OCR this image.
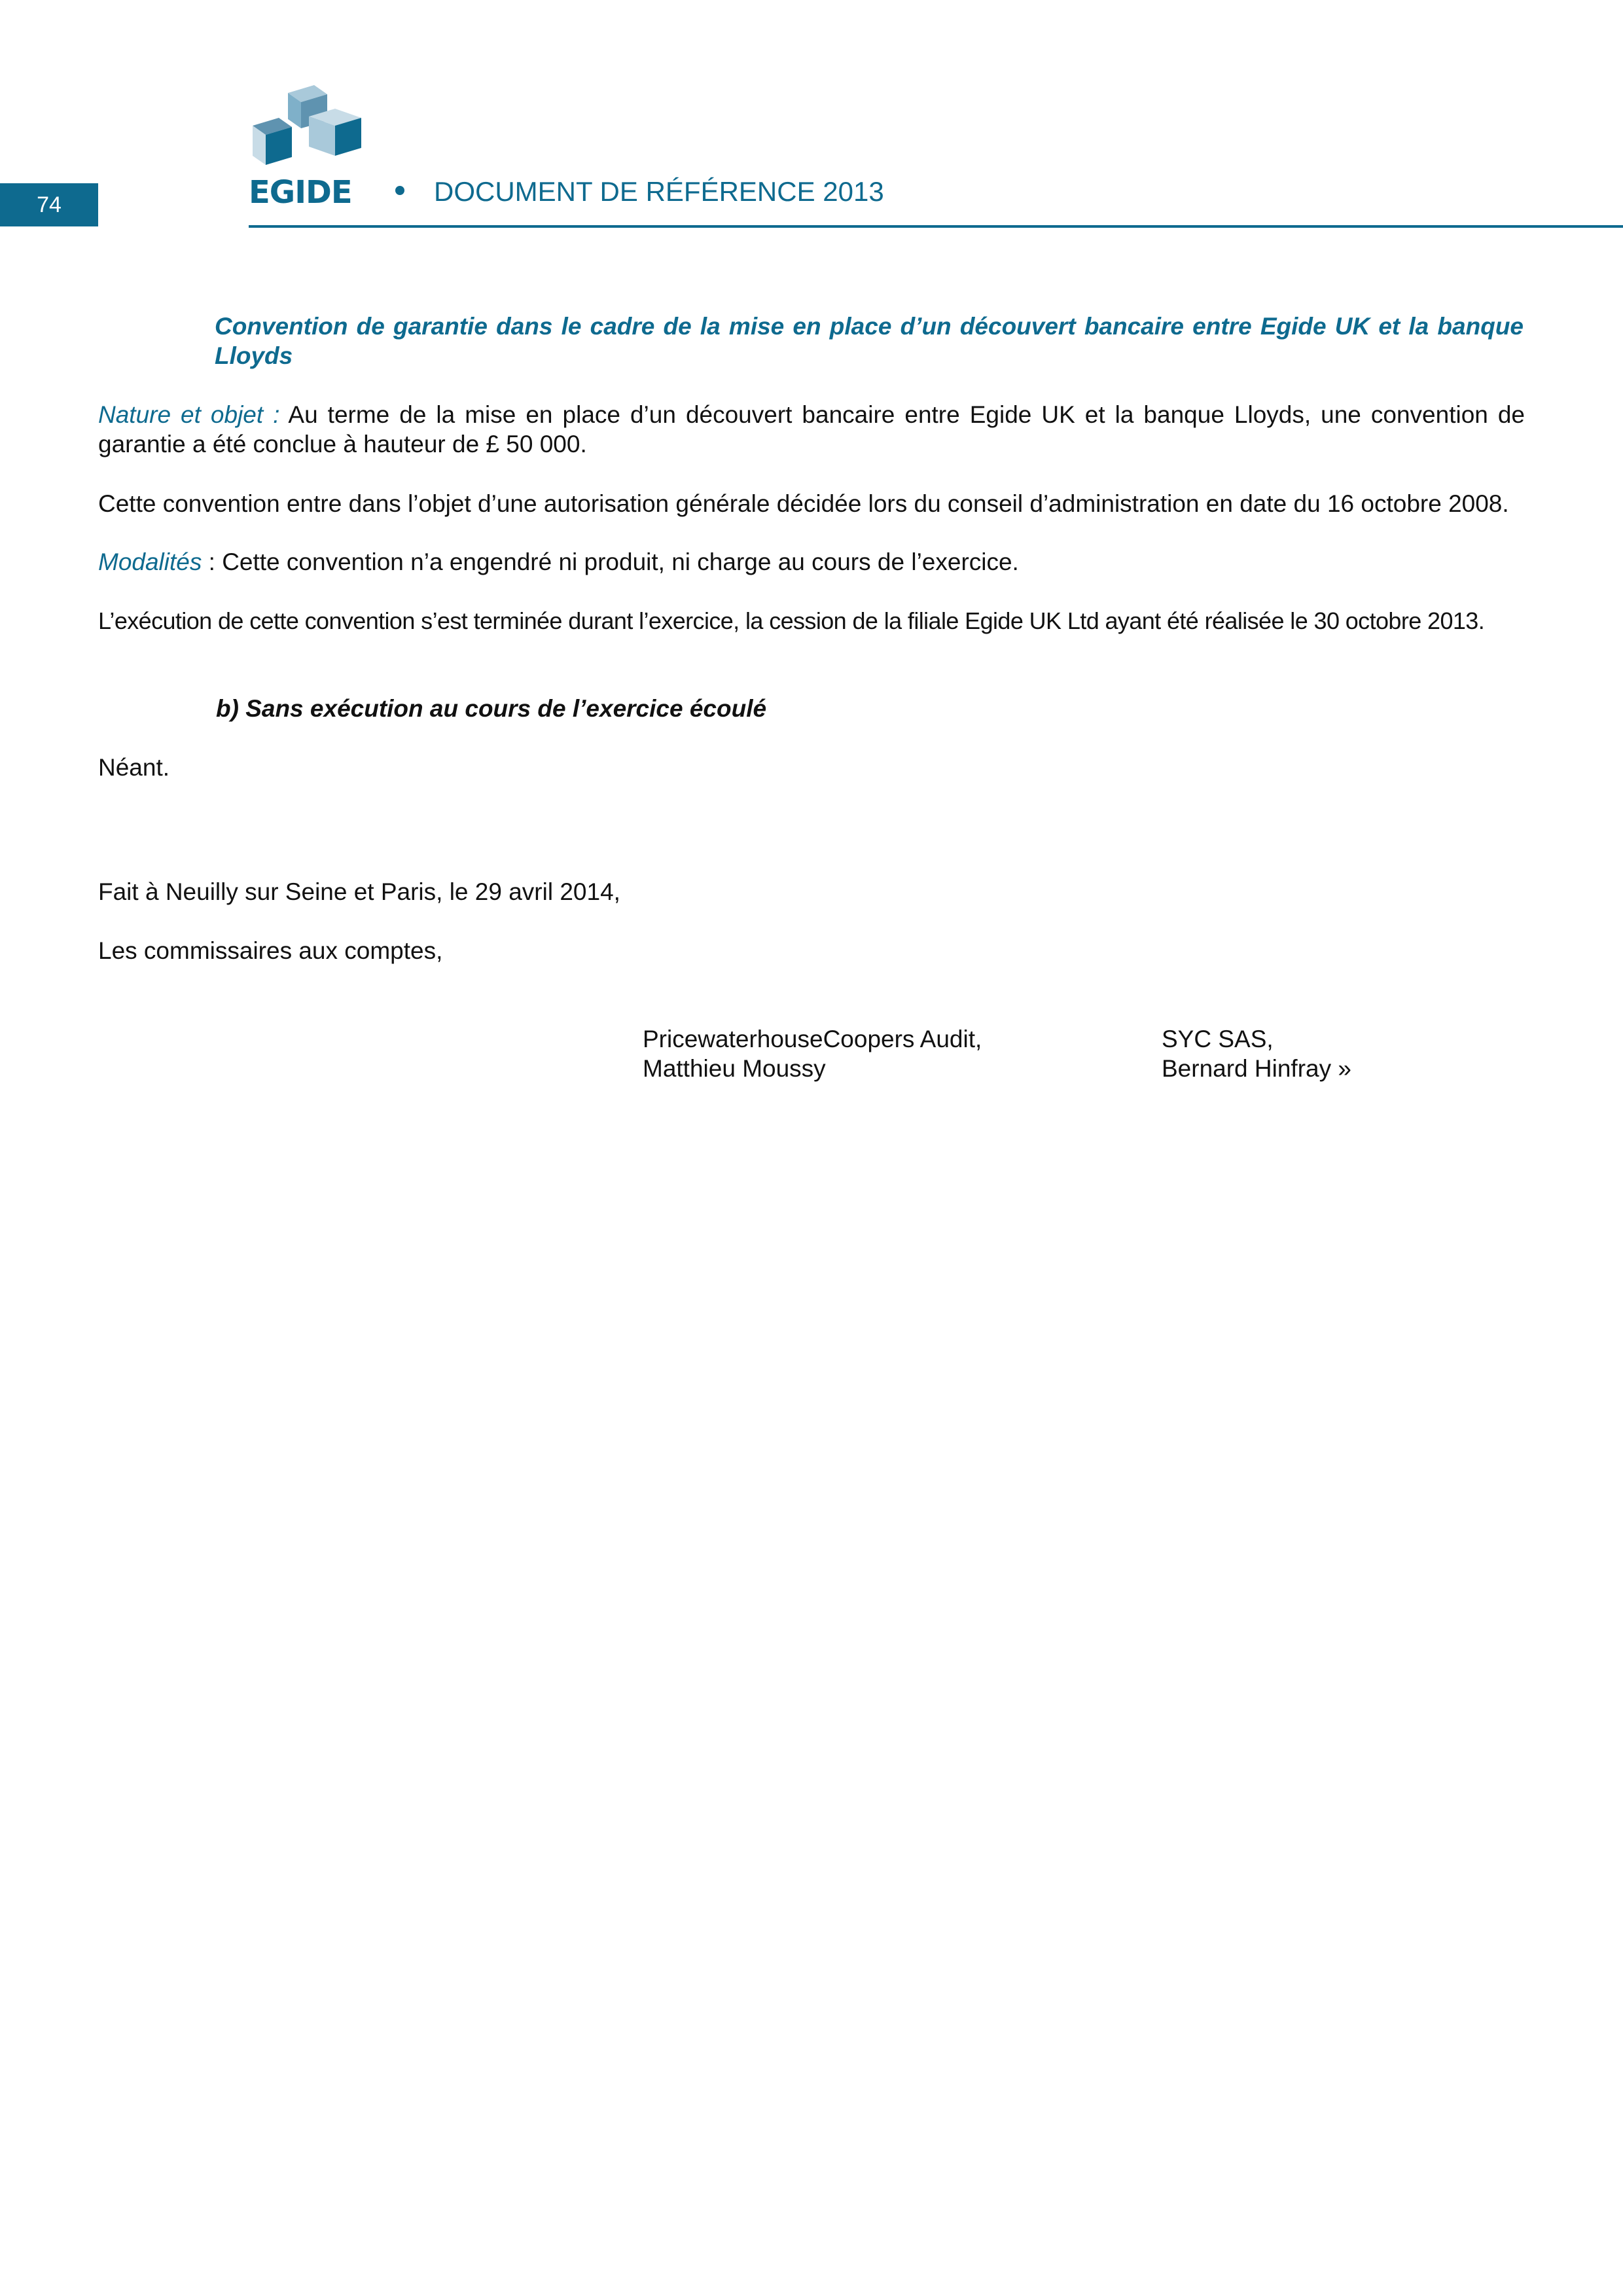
74	EGIDE	DOCUMENT DE RÉFÉRENCE 2013
Convention de garantie dans le cadre de la mise en place d’un découvert bancaire entre Egide UK et la banque Lloyds
Nature et objet : Au terme de la mise en place d’un découvert bancaire entre Egide UK et la banque Lloyds, une convention de garantie a été conclue à hauteur de £ 50 000.
Cette convention entre dans l’objet d’une autorisation générale décidée lors du conseil d’administration en date du 16 octobre 2008.
Modalités : Cette convention n’a engendré ni produit, ni charge au cours de l’exercice.
L’exécution de cette convention s’est terminée durant l’exercice, la cession de la filiale Egide UK Ltd ayant été réalisée le 30 octobre 2013.
b) Sans exécution au cours de l’exercice écoulé
Néant.
Fait à Neuilly sur Seine et Paris, le 29 avril 2014,
Les commissaires aux comptes,
PricewaterhouseCoopers Audit,
Matthieu Moussy
SYC SAS,
Bernard Hinfray »
